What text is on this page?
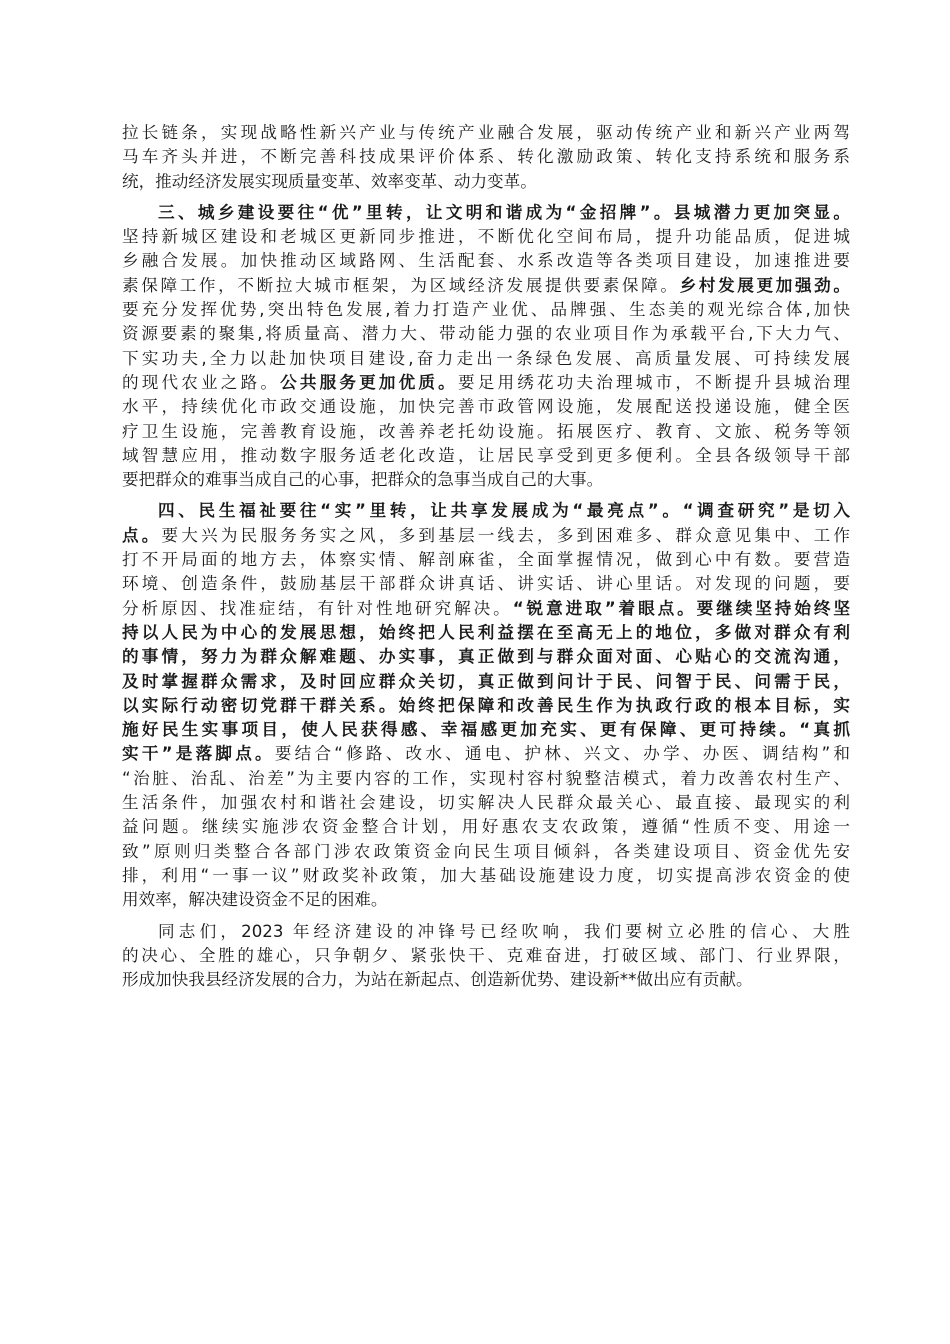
拉长链条，实现战略性新兴产业与传统产业融合发展，驱动传统产业和新兴产业两驾
马车齐头并进，不断完善科技成果评价体系、转化激励政策、转化支持系统和服务系
统，推动经济发展实现质量变革、效率变革、动力变革。
三、城乡建设要往“优”里转，让文明和谐成为“金招牌”。县城潜力更加突显。
坚持新城区建设和老城区更新同步推进，不断优化空间布局，提升功能品质，促进城
乡融合发展。加快推动区域路网、生活配套、水系改造等各类项目建设，加速推进要
素保障工作，不断拉大城市框架，为区域经济发展提供要素保障。乡村发展更加强劲。
要充分发挥优势,突出特色发展,着力打造产业优、品牌强、生态美的观光综合体,加快
资源要素的聚集,将质量高、潜力大、带动能力强的农业项目作为承载平台,下大力气、
下实功夫,全力以赴加快项目建设,奋力走出一条绿色发展、高质量发展、可持续发展
的现代农业之路。公共服务更加优质。要足用绣花功夫治理城市，不断提升县城治理
水平，持续优化市政交通设施，加快完善市政管网设施，发展配送投递设施，健全医
疗卫生设施，完善教育设施，改善养老托幼设施。拓展医疗、教育、文旅、税务等领
域智慧应用，推动数字服务适老化改造，让居民享受到更多便利。全县各级领导干部
要把群众的难事当成自己的心事，把群众的急事当成自己的大事。
四、民生福祉要往“实”里转，让共享发展成为“最亮点”。“调查研究”是切入
点。要大兴为民服务务实之风，多到基层一线去，多到困难多、群众意见集中、工作
打不开局面的地方去，体察实情、解剖麻雀，全面掌握情况，做到心中有数。要营造
环境、创造条件，鼓励基层干部群众讲真话、讲实话、讲心里话。对发现的问题，要
分析原因、找准症结，有针对性地研究解决。“锐意进取”着眼点。要继续坚持始终坚
持以人民为中心的发展思想，始终把人民利益摆在至高无上的地位，多做对群众有利
的事情，努力为群众解难题、办实事，真正做到与群众面对面、心贴心的交流沟通，
及时掌握群众需求，及时回应群众关切，真正做到问计于民、问智于民、问需于民，
以实际行动密切党群干群关系。始终把保障和改善民生作为执政行政的根本目标，实
施好民生实事项目，使人民获得感、幸福感更加充实、更有保障、更可持续。“真抓
实干”是落脚点。要结合“修路、改水、通电、护林、兴文、办学、办医、调结构”和
“治脏、治乱、治差”为主要内容的工作，实现村容村貌整洁模式，着力改善农村生产、
生活条件，加强农村和谐社会建设，切实解决人民群众最关心、最直接、最现实的利
益问题。继续实施涉农资金整合计划，用好惠农支农政策，遵循“性质不变、用途一
致”原则归类整合各部门涉农政策资金向民生项目倾斜，各类建设项目、资金优先安
排，利用“一事一议”财政奖补政策，加大基础设施建设力度，切实提高涉农资金的使
用效率，解决建设资金不足的困难。
同志们，2023 年经济建设的冲锋号已经吹响，我们要树立必胜的信心、大胜
的决心、全胜的雄心，只争朝夕、紧张快干、克难奋进，打破区域、部门、行业界限，
形成加快我县经济发展的合力，为站在新起点、创造新优势、建设新**做出应有贡献。
